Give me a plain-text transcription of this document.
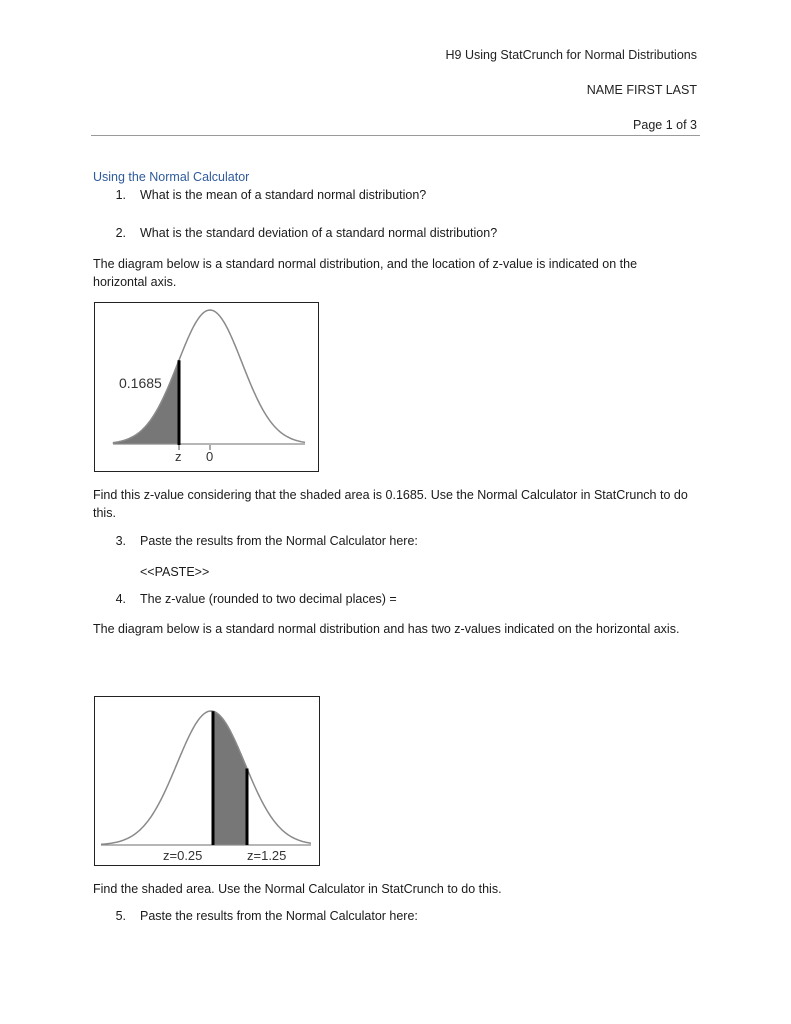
H9 Using StatCrunch for Normal Distributions
NAME FIRST LAST
Page 1 of 3
Using the Normal Calculator
1. What is the mean of a standard normal distribution?
2. What is the standard deviation of a standard normal distribution?
The diagram below is a standard normal distribution, and the location of z-value is indicated on the horizontal axis.
0.1685
z 0
Find this z-value considering that the shaded area is 0.1685. Use the Normal Calculator in StatCrunch to do this.
3. Paste the results from the Normal Calculator here:
<<PASTE>>
4. The z-value (rounded to two decimal places) =
The diagram below is a standard normal distribution and has two z-values indicated on the horizontal axis.
z=0.25	z=1.25
Find the shaded area. Use the Normal Calculator in StatCrunch to do this.
5. Paste the results from the Normal Calculator here:
